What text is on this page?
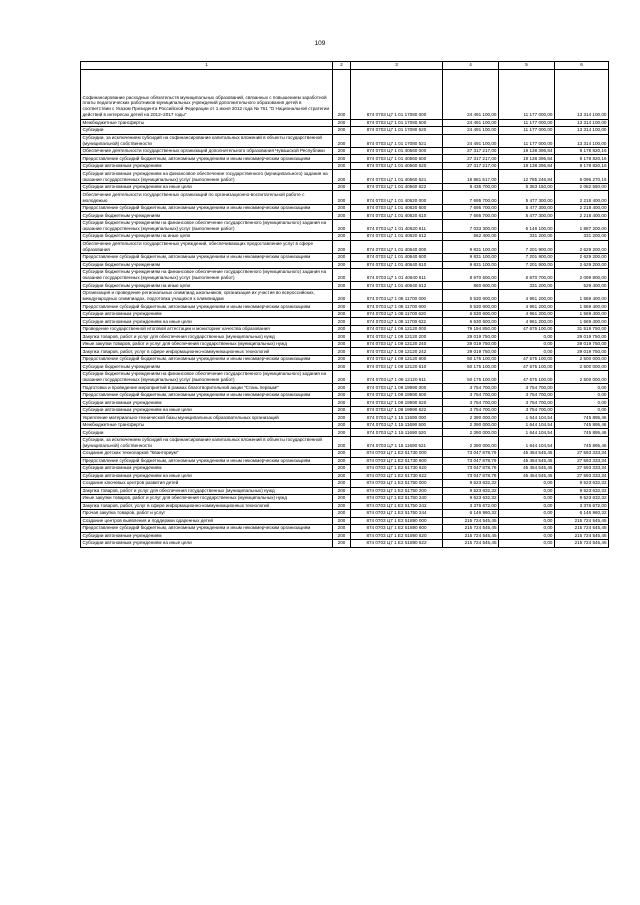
109
1	2	3	4	5	6
Софинансирование расходных обязательств муниципальных образований, связанных с повышением заработной платы педагогических работников муниципальных учреждений дополнительного образования детей в соответствии с Указом Президента Российской Федерации от 1 июня 2012 года № 761 "О Национальной стратегии действий в интересах детей на 2012–2017 годы"	200	874 0703 Ц7 1 01 17080 000	24 491 100,00	11 177 000,00	13 314 100,00
Межбюджетные трансферты	200	874 0703 Ц7 1 01 17080 500	24 491 100,00	11 177 000,00	13 314 100,00
Субсидии	200	874 0703 Ц7 1 01 17080 520	24 491 100,00	11 177 000,00	13 314 100,00
Субсидии, за исключением субсидий на софинансирование капитальных вложений в объекты государственной (муниципальной) собственности	200	874 0703 Ц7 1 01 17080 521	24 491 100,00	11 177 000,00	13 314 100,00
Обеспечение деятельности государственных организаций дополнительного образования Чувашской Республики	200	874 0703 Ц7 1 01 40560 000	27 317 217,00	19 138 396,84	8 178 820,16
Предоставление субсидий бюджетным, автономным учреждениям и иным некоммерческим организациям	200	874 0703 Ц7 1 01 40560 600	27 317 217,00	19 138 396,84	8 178 820,16
Субсидии автономным учреждениям	200	874 0703 Ц7 1 01 40560 620	27 317 217,00	19 138 396,84	8 178 820,16
Субсидии автономным учреждениям на финансовое обеспечение государственного (муниципального) задания на оказание государственных (муниципальных) услуг (выполнение работ)	200	874 0703 Ц7 1 01 40560 621	18 881 517,00	12 785 246,84	6 096 270,16
Субсидии автономным учреждениям на иные цели	200	874 0703 Ц7 1 01 40560 622	8 435 700,00	6 353 150,00	2 082 550,00
Обеспечение деятельности государственных организаций по организационно-воспитательной работе с молодежью	200	874 0703 Ц7 1 01 40620 000	7 695 700,00	5 477 300,00	2 218 400,00
Предоставление субсидий бюджетным, автономным учреждениям и иным некоммерческим организациям	200	874 0703 Ц7 1 01 40620 600	7 695 700,00	5 477 300,00	2 218 400,00
Субсидии бюджетным учреждениям	200	874 0703 Ц7 1 01 40620 610	7 695 700,00	5 477 300,00	2 218 400,00
Субсидии бюджетным учреждениям на финансовое обеспечение государственного (муниципального) задания на оказание государственных (муниципальных) услуг (выполнение работ)	200	874 0703 Ц7 1 01 40620 611	7 033 300,00	5 146 100,00	1 887 200,00
Субсидии бюджетным учреждениям на иные цели	200	874 0703 Ц7 1 01 40620 612	662 400,00	331 200,00	331 200,00
Обеспечение деятельности государственных учреждений, обеспечивающих предоставление услуг в сфере образования	200	874 0703 Ц7 1 01 40640 000	9 831 100,00	7 201 900,00	2 629 200,00
Предоставление субсидий бюджетным, автономным учреждениям и иным некоммерческим организациям	200	874 0703 Ц7 1 01 40640 600	9 831 100,00	7 201 900,00	2 629 200,00
Субсидии бюджетным учреждениям	200	874 0703 Ц7 1 01 40640 610	9 831 100,00	7 201 900,00	2 629 200,00
Субсидии бюджетным учреждениям на финансовое обеспечение государственного (муниципального) задания на оказание государственных (муниципальных) услуг (выполнение работ)	200	874 0703 Ц7 1 01 40640 611	8 970 500,00	6 870 700,00	2 099 800,00
Субсидии бюджетным учреждениям на иные цели	200	874 0703 Ц7 1 01 40640 612	860 600,00	331 200,00	529 400,00
Организация и проведение региональных олимпиад школьников, организация их участия во всероссийских, международных олимпиадах, подготовка учащихся к олимпиадам	200	874 0703 Ц7 1 08 11700 000	6 530 600,00	4 961 200,00	1 569 400,00
Предоставление субсидий бюджетным, автономным учреждениям и иным некоммерческим организациям	200	874 0703 Ц7 1 08 11700 600	6 530 600,00	4 961 200,00	1 569 400,00
Субсидии автономным учреждениям	200	874 0703 Ц7 1 08 11700 620	6 530 600,00	4 961 200,00	1 569 400,00
Субсидии автономным учреждениям на иные цели	200	874 0703 Ц7 1 08 11700 622	6 530 600,00	4 961 200,00	1 569 400,00
Проведение государственной итоговой аттестации и мониторинг качества образования	200	874 0703 Ц7 1 09 12120 000	79 194 850,00	47 675 100,00	31 519 750,00
Закупка товаров, работ и услуг для обеспечения государственных (муниципальных) нужд	200	874 0703 Ц7 1 09 12120 200	29 019 750,00	0,00	29 019 750,00
Иные закупки товаров, работ и услуг для обеспечения государственных (муниципальных) нужд	200	874 0703 Ц7 1 09 12120 240	29 019 750,00	0,00	29 019 750,00
Закупка товаров, работ, услуг в сфере информационно-коммуникационных технологий	200	874 0703 Ц7 1 09 12120 242	29 019 750,00	0,00	29 019 750,00
Предоставление субсидий бюджетным, автономным учреждениям и иным некоммерческим организациям	200	874 0703 Ц7 1 09 12120 600	50 175 100,00	47 675 100,00	2 500 000,00
Субсидии бюджетным учреждениям	200	874 0703 Ц7 1 09 12120 610	50 175 100,00	47 675 100,00	2 500 000,00
Субсидии бюджетным учреждениям на финансовое обеспечение государственного (муниципального) задания на оказание государственных (муниципальных) услуг (выполнение работ)	200	874 0703 Ц7 1 09 12120 611	50 175 100,00	47 675 100,00	2 500 000,00
Подготовка и проведение мероприятий в рамках благотворительной акции "Стань первым!"	200	874 0703 Ц7 1 09 19990 000	3 754 700,00	3 754 700,00	0,00
Предоставление субсидий бюджетным, автономным учреждениям и иным некоммерческим организациям	200	874 0703 Ц7 1 09 19990 600	3 754 700,00	3 754 700,00	0,00
Субсидии автономным учреждениям	200	874 0703 Ц7 1 09 19990 620	3 754 700,00	3 754 700,00	0,00
Субсидии автономным учреждениям на иные цели	200	874 0703 Ц7 1 09 19990 622	3 754 700,00	3 754 700,00	0,00
Укрепление материально-технической базы муниципальных образовательных организаций	200	874 0703 Ц7 1 15 11690 000	2 390 000,00	1 644 104,54	745 895,46
Межбюджетные трансферты	200	874 0703 Ц7 1 15 11690 500	2 390 000,00	1 644 104,54	745 895,46
Субсидии	200	874 0703 Ц7 1 15 11690 520	2 390 000,00	1 644 104,54	745 895,46
Субсидии, за исключением субсидий на софинансирование капитальных вложений в объекты государственной (муниципальной) собственности	200	874 0703 Ц7 1 15 11690 521	2 390 000,00	1 644 104,54	745 895,46
Создание детских технопарков "Кванториум"	200	874 0703 Ц7 1 E2 51730 000	73 047 878,79	45 454 545,45	27 593 333,34
Предоставление субсидий бюджетным, автономным учреждениям и иным некоммерческим организациям	200	874 0703 Ц7 1 E2 51730 600	73 047 878,79	45 454 545,45	27 593 333,34
Субсидии автономным учреждениям	200	874 0703 Ц7 1 E2 51730 620	73 047 878,79	45 454 545,45	27 593 333,34
Субсидии автономным учреждениям на иные цели	200	874 0703 Ц7 1 E2 51730 622	73 047 878,79	45 454 545,45	27 593 333,34
Создание ключевых центров развития детей	200	874 0703 Ц7 1 E2 51750 000	9 523 632,32	0,00	9 523 632,32
Закупка товаров, работ и услуг для обеспечения государственных (муниципальных) нужд	200	874 0703 Ц7 1 E2 51750 200	9 523 632,32	0,00	9 523 632,32
Иные закупки товаров, работ и услуг для обеспечения государственных (муниципальных) нужд	200	874 0703 Ц7 1 E2 51750 240	9 523 632,32	0,00	9 523 632,32
Закупка товаров, работ, услуг в сфере информационно-коммуникационных технологий	200	874 0703 Ц7 1 E2 51750 242	3 376 672,00	0,00	3 376 672,00
Прочая закупка товаров, работ и услуг	200	874 0703 Ц7 1 E2 51750 244	6 146 960,32	0,00	6 146 960,32
Создание центров выявления и поддержки одаренных детей	200	874 0703 Ц7 1 E2 51890 000	215 724 545,45	0,00	215 724 545,45
Предоставление субсидий бюджетным, автономным учреждениям и иным некоммерческим организациям	200	874 0703 Ц7 1 E2 51890 600	215 724 545,45	0,00	215 724 545,45
Субсидии автономным учреждениям	200	874 0703 Ц7 1 E2 51890 620	215 724 545,45	0,00	215 724 545,45
Субсидии автономным учреждениям на иные цели	200	874 0703 Ц7 1 E2 51890 622	215 724 545,45	0,00	215 724 545,45
